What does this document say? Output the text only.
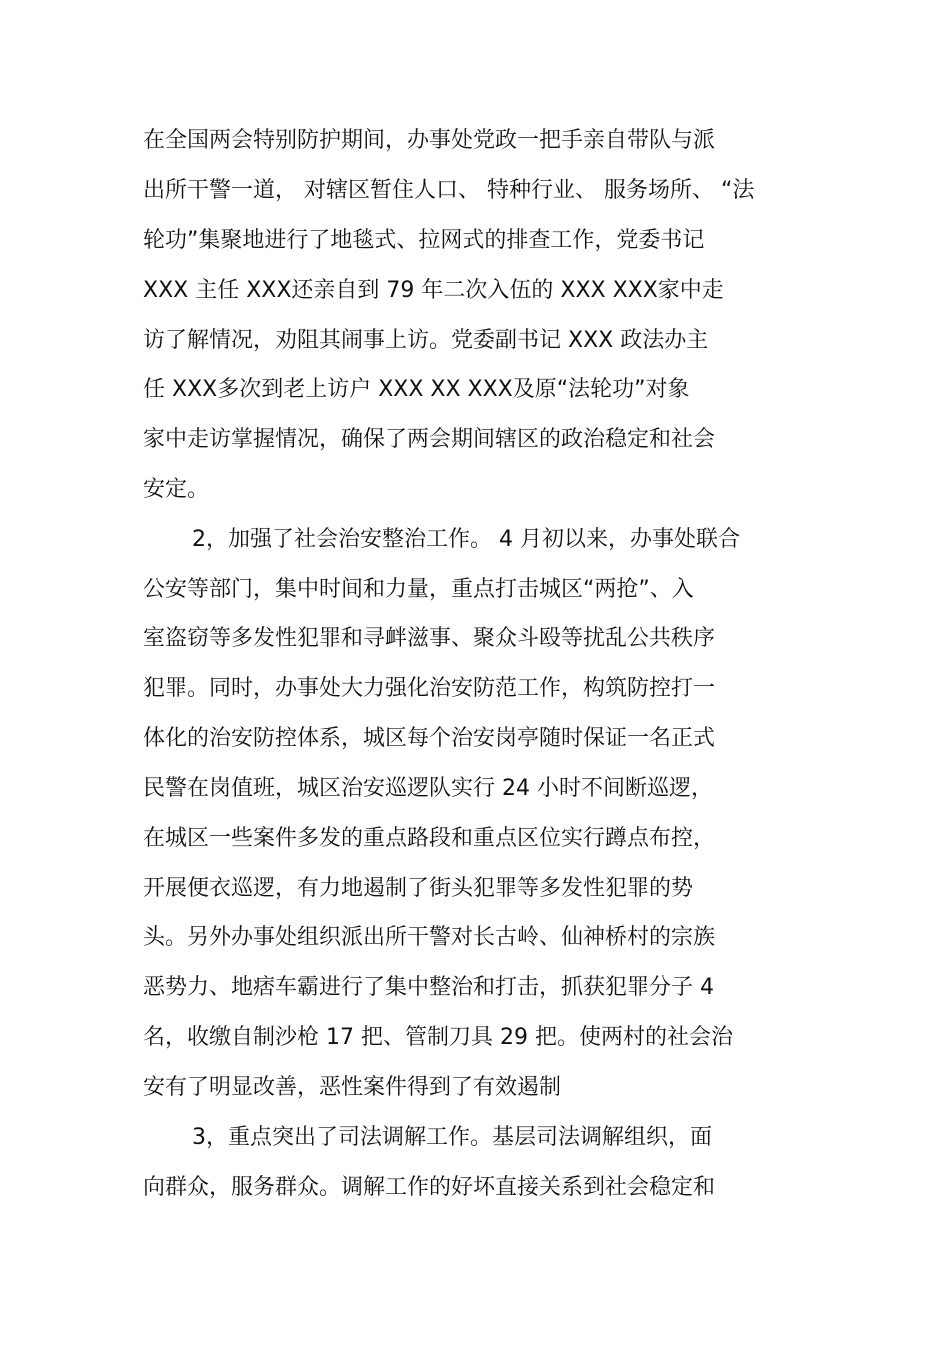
在全国两会特别防护期间，办事处党政一把手亲自带队与派
出所干警一道， 对辖区暂住人口、 特种行业、 服务场所、 “法
轮功”集聚地进行了地毯式、拉网式的排查工作，党委书记
XXX 主任 XXX还亲自到 79 年二次入伍的 XXX XXX家中走
访了解情况，劝阻其闹事上访。党委副书记 XXX 政法办主
任 XXX多次到老上访户 XXX XX XXX及原“法轮功”对象
家中走访掌握情况，确保了两会期间辖区的政治稳定和社会
安定。
2，加强了社会治安整治工作。 4 月初以来，办事处联合
公安等部门，集中时间和力量，重点打击城区“两抢”、入
室盗窃等多发性犯罪和寻衅滋事、聚众斗殴等扰乱公共秩序
犯罪。同时，办事处大力强化治安防范工作，构筑防控打一
体化的治安防控体系，城区每个治安岗亭随时保证一名正式
民警在岗值班，城区治安巡逻队实行 24 小时不间断巡逻，
在城区一些案件多发的重点路段和重点区位实行蹲点布控，
开展便衣巡逻，有力地遏制了街头犯罪等多发性犯罪的势
头。另外办事处组织派出所干警对长古岭、仙神桥村的宗族
恶势力、地痞车霸进行了集中整治和打击，抓获犯罪分子 4
名，收缴自制沙枪 17 把、管制刀具 29 把。使两村的社会治
安有了明显改善，恶性案件得到了有效遏制
3，重点突出了司法调解工作。基层司法调解组织，面
向群众，服务群众。调解工作的好坏直接关系到社会稳定和
